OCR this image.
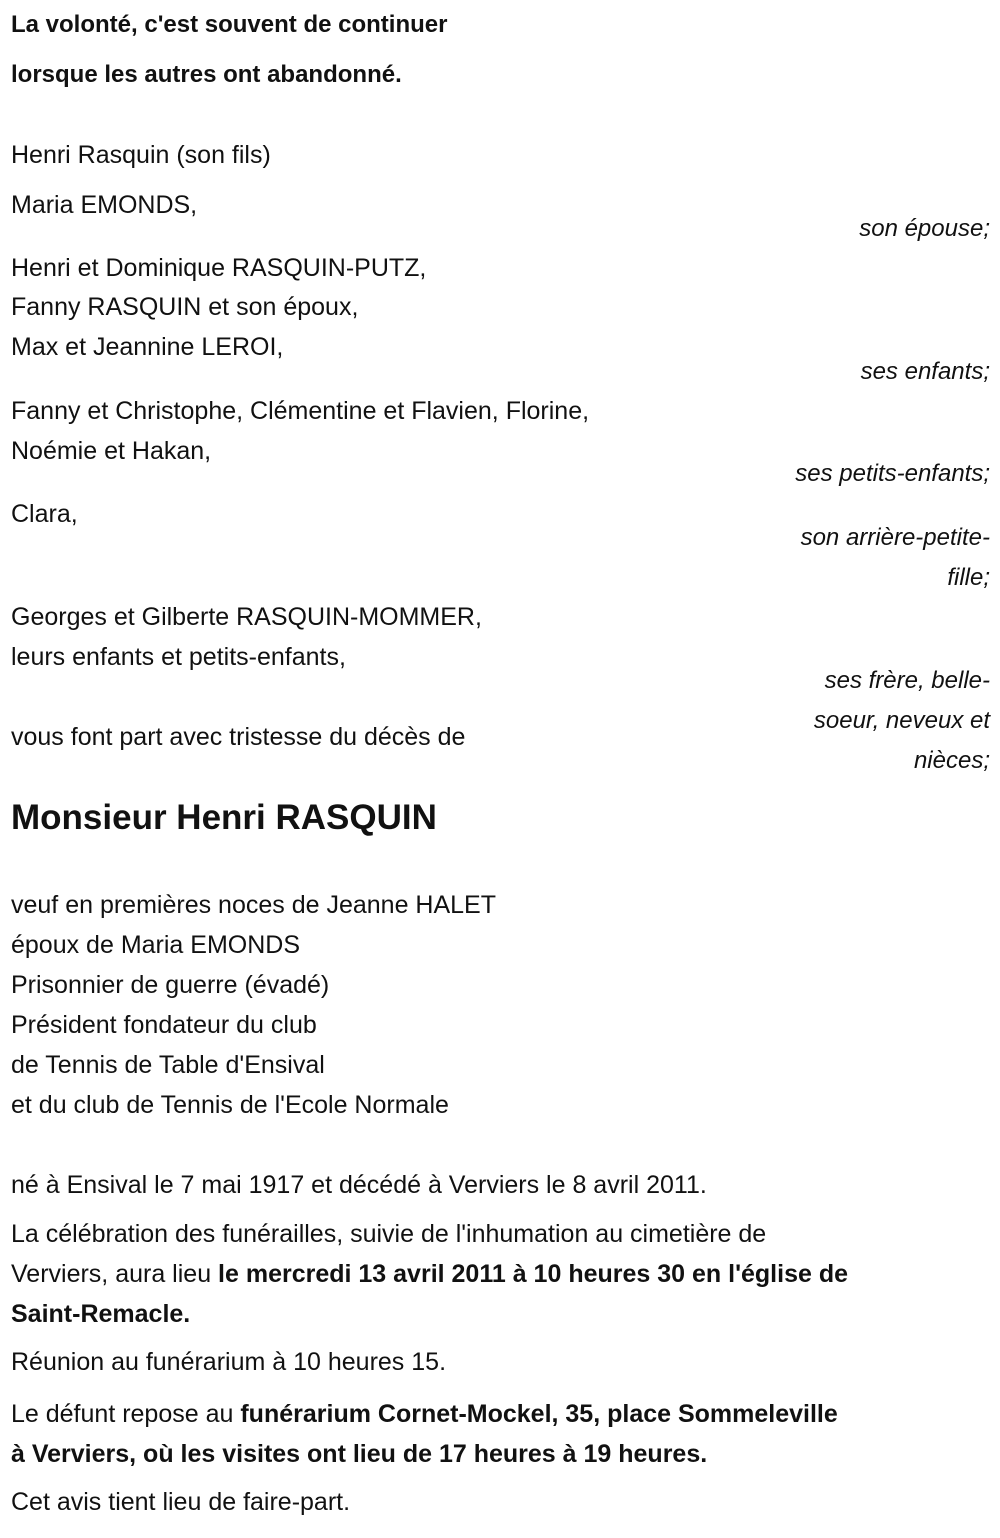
La volonté, c'est souvent de continuer
lorsque les autres ont abandonné.
Henri Rasquin (son fils)
Maria EMONDS,
son épouse;
Henri et Dominique RASQUIN-PUTZ,
Fanny RASQUIN et son époux,
Max et Jeannine LEROI,
ses enfants;
Fanny et Christophe, Clémentine et Flavien, Florine,
Noémie et Hakan,
ses petits-enfants;
Clara,
son arrière-petite-
fille;
Georges et Gilberte RASQUIN-MOMMER,
leurs enfants et petits-enfants,
ses frère, belle-
soeur, neveux et
nièces;
vous font part avec tristesse du décès de
Monsieur Henri RASQUIN
veuf en premières noces de Jeanne HALET
époux de Maria EMONDS
Prisonnier de guerre (évadé)
Président fondateur du club
de Tennis de Table d'Ensival
et du club de Tennis de l'Ecole Normale
né à Ensival le 7 mai 1917 et décédé à Verviers le 8 avril 2011.
La célébration des funérailles, suivie de l'inhumation au cimetière de
Verviers, aura lieu le mercredi 13 avril 2011 à 10 heures 30 en l'église de
Saint-Remacle.
Réunion au funérarium à 10 heures 15.
Le défunt repose au funérarium Cornet-Mockel, 35, place Sommeleville
à Verviers, où les visites ont lieu de 17 heures à 19 heures.
Cet avis tient lieu de faire-part.
